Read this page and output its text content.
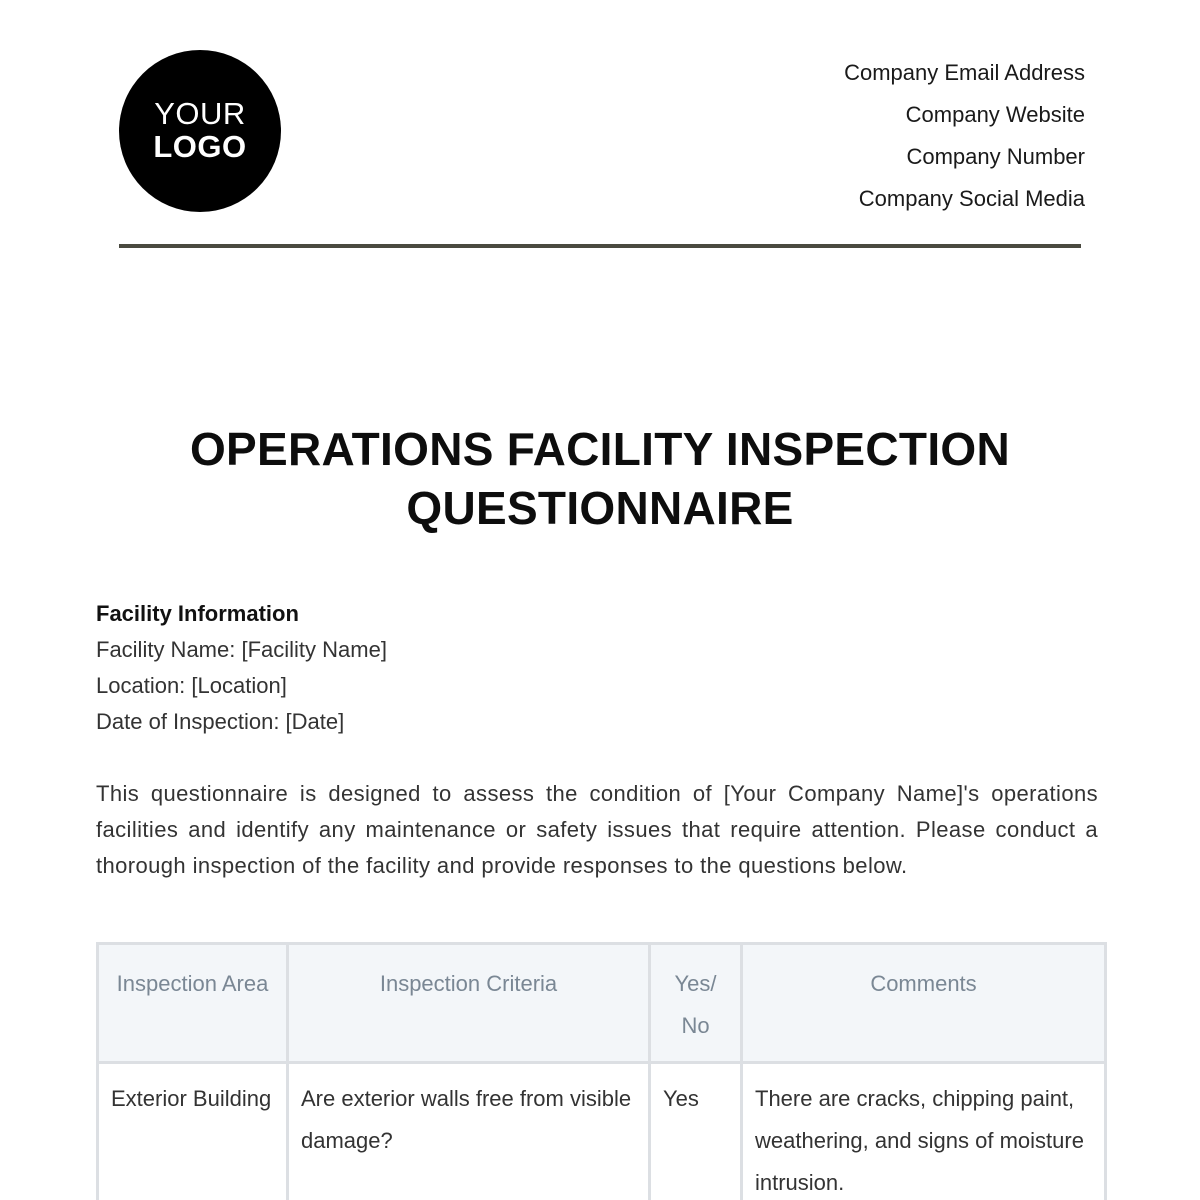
YOUR
LOGO
Company Email Address
Company Website
Company Number
Company Social Media
OPERATIONS FACILITY INSPECTION
QUESTIONNAIRE
Facility Information
Facility Name: [Facility Name]
Location: [Location]
Date of Inspection: [Date]
This questionnaire is designed to assess the condition of [Your Company Name]'s operations facilities and identify any maintenance or safety issues that require attention. Please conduct a thorough inspection of the facility and provide responses to the questions below.
Inspection Area	Inspection Criteria	Yes/ No	Comments
Exterior Building	Are exterior walls free from visible damage?	Yes	There are cracks, chipping paint, weathering, and signs of moisture intrusion.
